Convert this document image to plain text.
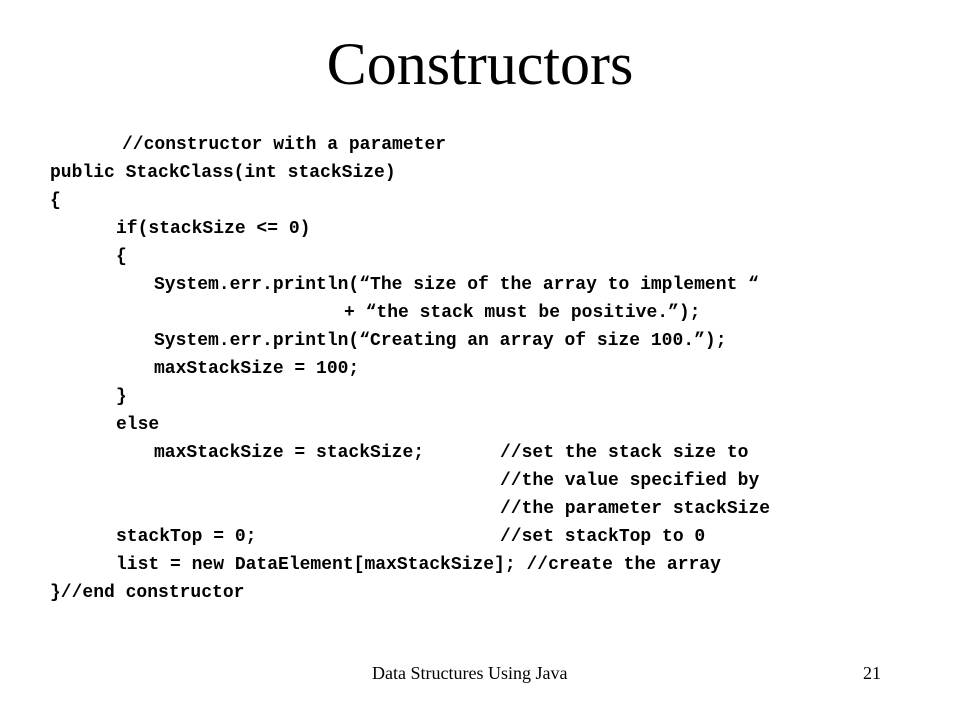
Constructors
//constructor with a parameter
public StackClass(int stackSize)
{
if(stackSize <= 0)
{
System.err.println(“The size of the array to implement “
+ “the stack must be positive.”);
System.err.println(“Creating an array of size 100.”);
maxStackSize = 100;
}
else
maxStackSize = stackSize;	//set the stack size to
//the value specified by
//the parameter stackSize
stackTop = 0;	//set stackTop to 0
list = new DataElement[maxStackSize]; //create the array
}//end constructor
Data Structures Using Java	21
